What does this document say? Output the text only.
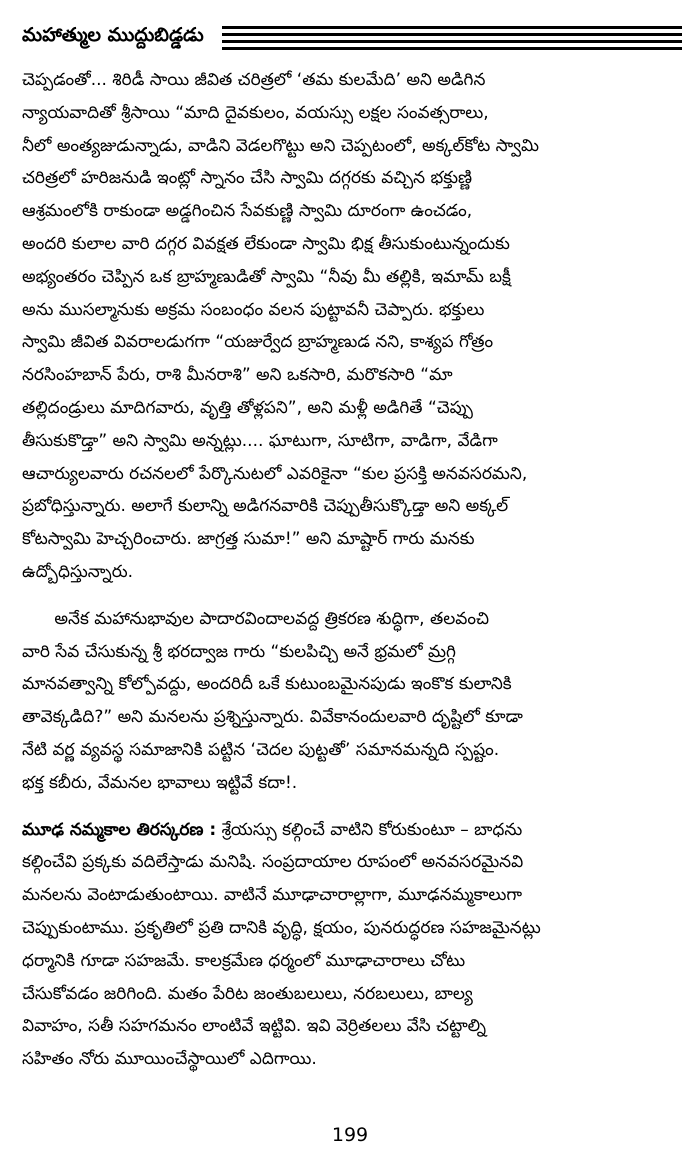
మహాత్ముల ముద్దుబిడ్డడు
చెప్పడంతో... శిరిడీ సాయి జీవిత చరిత్రలో ‘తమ కులమేది’ అని అడిగిన
న్యాయవాదితో శ్రీసాయి “మాది దైవకులం, వయస్సు లక్షల సంవత్సరాలు,
నీలో అంత్యజుడున్నాడు, వాడిని వెడలగొట్టు అని చెప్పటంలో, అక్కల్‌కోట స్వామి
చరిత్రలో హరిజనుడి ఇంట్లో స్నానం చేసి స్వామి దగ్గరకు వచ్చిన భక్తుణ్ణి
ఆశ్రమంలోకి రాకుండా అడ్డగించిన సేవకుణ్ణి స్వామి దూరంగా ఉంచడం,
అందరి కులాల వారి దగ్గర వివక్షత లేకుండా స్వామి భిక్ష తీసుకుంటున్నందుకు
అభ్యంతరం చెప్పిన ఒక బ్రాహ్మణుడితో స్వామి “నీవు మీ తల్లికి, ఇమామ్ బక్షీ
అను ముసల్మానుకు అక్రమ సంబంధం వలన పుట్టావనీ చెప్పారు. భక్తులు
స్వామి జీవిత వివరాలడుగగా “యజుర్వేద బ్రాహ్మణుడ నని, కాశ్యప గోత్రం
నరసింహబాన్ పేరు, రాశి మీనరాశి” అని ఒకసారి, మరొకసారి “మా
తల్లిదండ్రులు మాదిగవారు, వృత్తి తోళ్లపని”, అని మళ్లీ అడిగితే “చెప్పు
తీసుకుకొడ్తా” అని స్వామి అన్నట్లు.... ఘాటుగా, సూటిగా, వాడిగా, వేడిగా
ఆచార్యులవారు రచనలలో పేర్కొనుటలో ఎవరికైనా “కుల ప్రసక్తి అనవసరమని,
ప్రబోధిస్తున్నారు. అలాగే కులాన్ని అడిగనవారికి చెప్పుతీసుక్కొడ్తా అని అక్కల్
కోటస్వామి హెచ్చరించారు. జాగ్రత్త సుమా!” అని మాష్టార్ గారు మనకు
ఉద్బోధిస్తున్నారు.
అనేక మహానుభావుల పాదారవిందాలవద్ద త్రికరణ శుద్ధిగా, తలవంచి
వారి సేవ చేసుకున్న శ్రీ భరద్వాజ గారు “కులపిచ్చి అనే భ్రమలో మ్రగ్గి
మానవత్వాన్ని కోల్పోవద్దు, అందరిదీ ఒకే కుటుంబమైనపుడు ఇంకొక కులానికి
తావెక్కడిది?” అని మనలను ప్రశ్నిస్తున్నారు. వివేకానందులవారి దృష్టిలో కూడా
నేటి వర్ణ వ్యవస్థ సమాజానికి పట్టిన ‘చెదల పుట్టతో’ సమానమన్నది స్పష్టం.
భక్త కబీరు, వేమనల భావాలు ఇట్టివే కదా!.
మూఢ నమ్మకాల తిరస్కరణ : శ్రేయస్సు కల్గించే వాటిని కోరుకుంటూ – బాధను
కల్గించేవి ప్రక్కకు వదిలేస్తాడు మనిషి. సంప్రదాయాల రూపంలో అనవసరమైనవి
మనలను వెంటాడుతుంటాయి. వాటినే మూఢాచారాల్లాగా, మూఢనమ్మకాలుగా
చెప్పుకుంటాము. ప్రకృతిలో ప్రతి దానికి వృద్ధి, క్షయం, పునరుద్ధరణ సహజమైనట్లు
ధర్మానికి గూడా సహజమే. కాలక్రమేణ ధర్మంలో మూఢాచారాలు చోటు
చేసుకోవడం జరిగింది. మతం పేరిట జంతుబలులు, నరబలులు, బాల్య
వివాహం, సతీ సహగమనం లాంటివే ఇట్టివి. ఇవి వెర్రితలలు వేసి చట్టాల్ని
సహితం నోరు మూయించేస్థాయిలో ఎదిగాయి.
199
